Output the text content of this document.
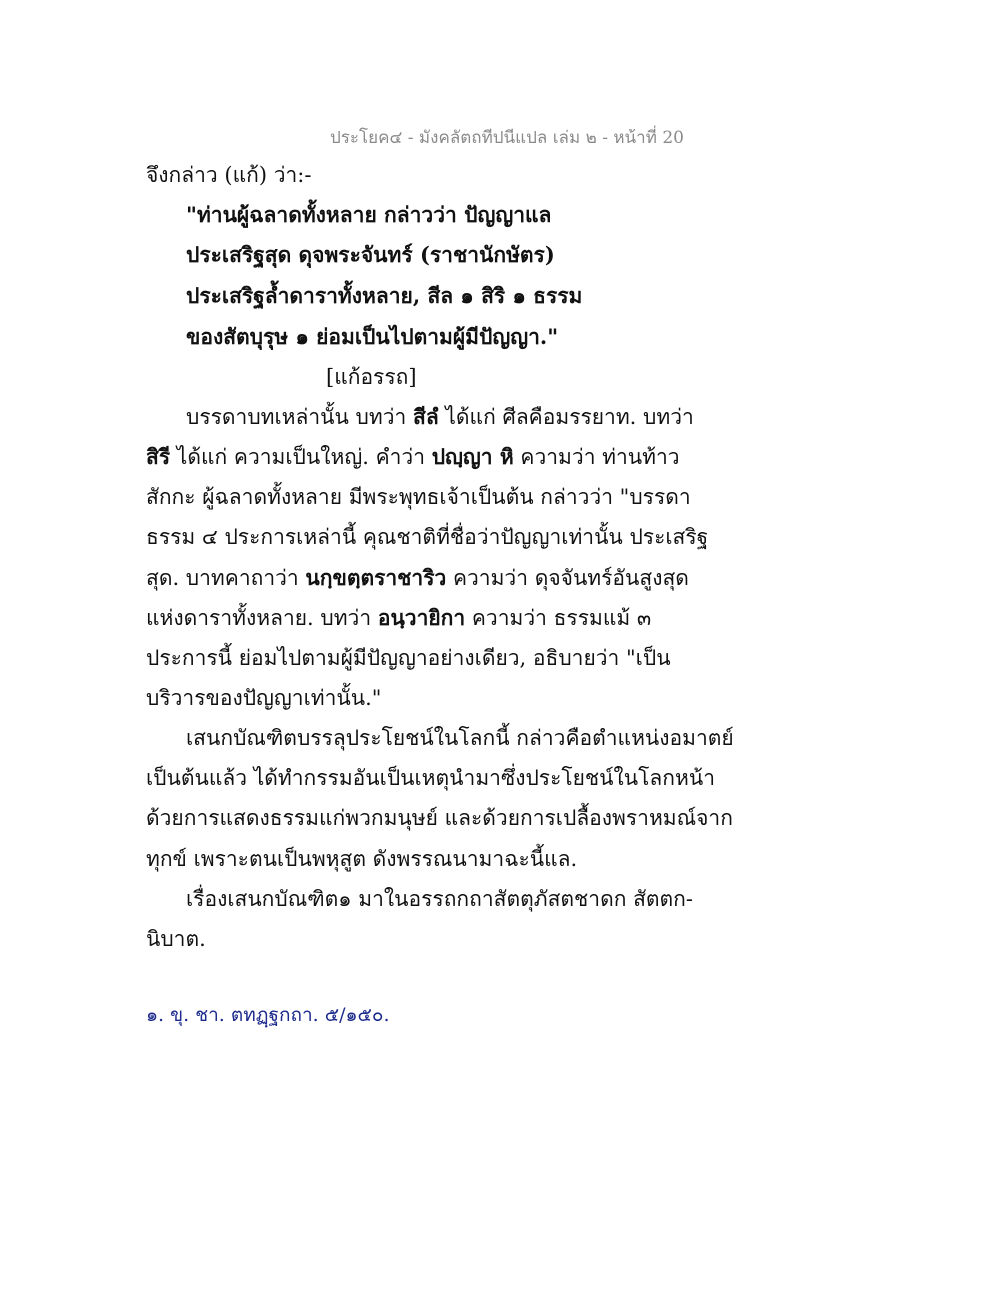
ประโยค๔ - มังคลัตถทีปนีแปล เล่ม ๒ - หน้าที่ 20
จึงกล่าว (แก้) ว่า:-
"ท่านผู้ฉลาดทั้งหลาย กล่าวว่า ปัญญาแล
ประเสริฐสุด ดุจพระจันทร์ (ราชานักษัตร)
ประเสริฐล้ำดาราทั้งหลาย, สีล ๑ สิริ ๑ ธรรม
ของสัตบุรุษ ๑ ย่อมเป็นไปตามผู้มีปัญญา."
[แก้อรรถ]
บรรดาบทเหล่านั้น บทว่า สีลํ ได้แก่ ศีลคือมรรยาท. บทว่า
สิรี ได้แก่ ความเป็นใหญ่. คำว่า ปญฺญา หิ ความว่า ท่านท้าว
สักกะ ผู้ฉลาดทั้งหลาย มีพระพุทธเจ้าเป็นต้น กล่าวว่า "บรรดา
ธรรม ๔ ประการเหล่านี้ คุณชาติที่ชื่อว่าปัญญาเท่านั้น ประเสริฐ
สุด. บาทคาถาว่า นกฺขตฺตราชาริว ความว่า ดุจจันทร์อันสูงสุด
แห่งดาราทั้งหลาย. บทว่า อนฺวายิกา ความว่า ธรรมแม้ ๓
ประการนี้ ย่อมไปตามผู้มีปัญญาอย่างเดียว, อธิบายว่า "เป็น
บริวารของปัญญาเท่านั้น."
เสนกบัณฑิตบรรลุประโยชน์ในโลกนี้ กล่าวคือตำแหน่งอมาตย์
เป็นต้นแล้ว ได้ทำกรรมอันเป็นเหตุนำมาซึ่งประโยชน์ในโลกหน้า
ด้วยการแสดงธรรมแก่พวกมนุษย์ และด้วยการเปลื้องพราหมณ์จาก
ทุกข์ เพราะตนเป็นพหุสูต ดังพรรณนามาฉะนี้แล.
เรื่องเสนกบัณฑิต๑ มาในอรรถกถาสัตตุภัสตชาดก สัตตก-
นิบาต.
๑. ขุ. ชา. ตทฏฺฐกถา. ๕/๑๕๐.
